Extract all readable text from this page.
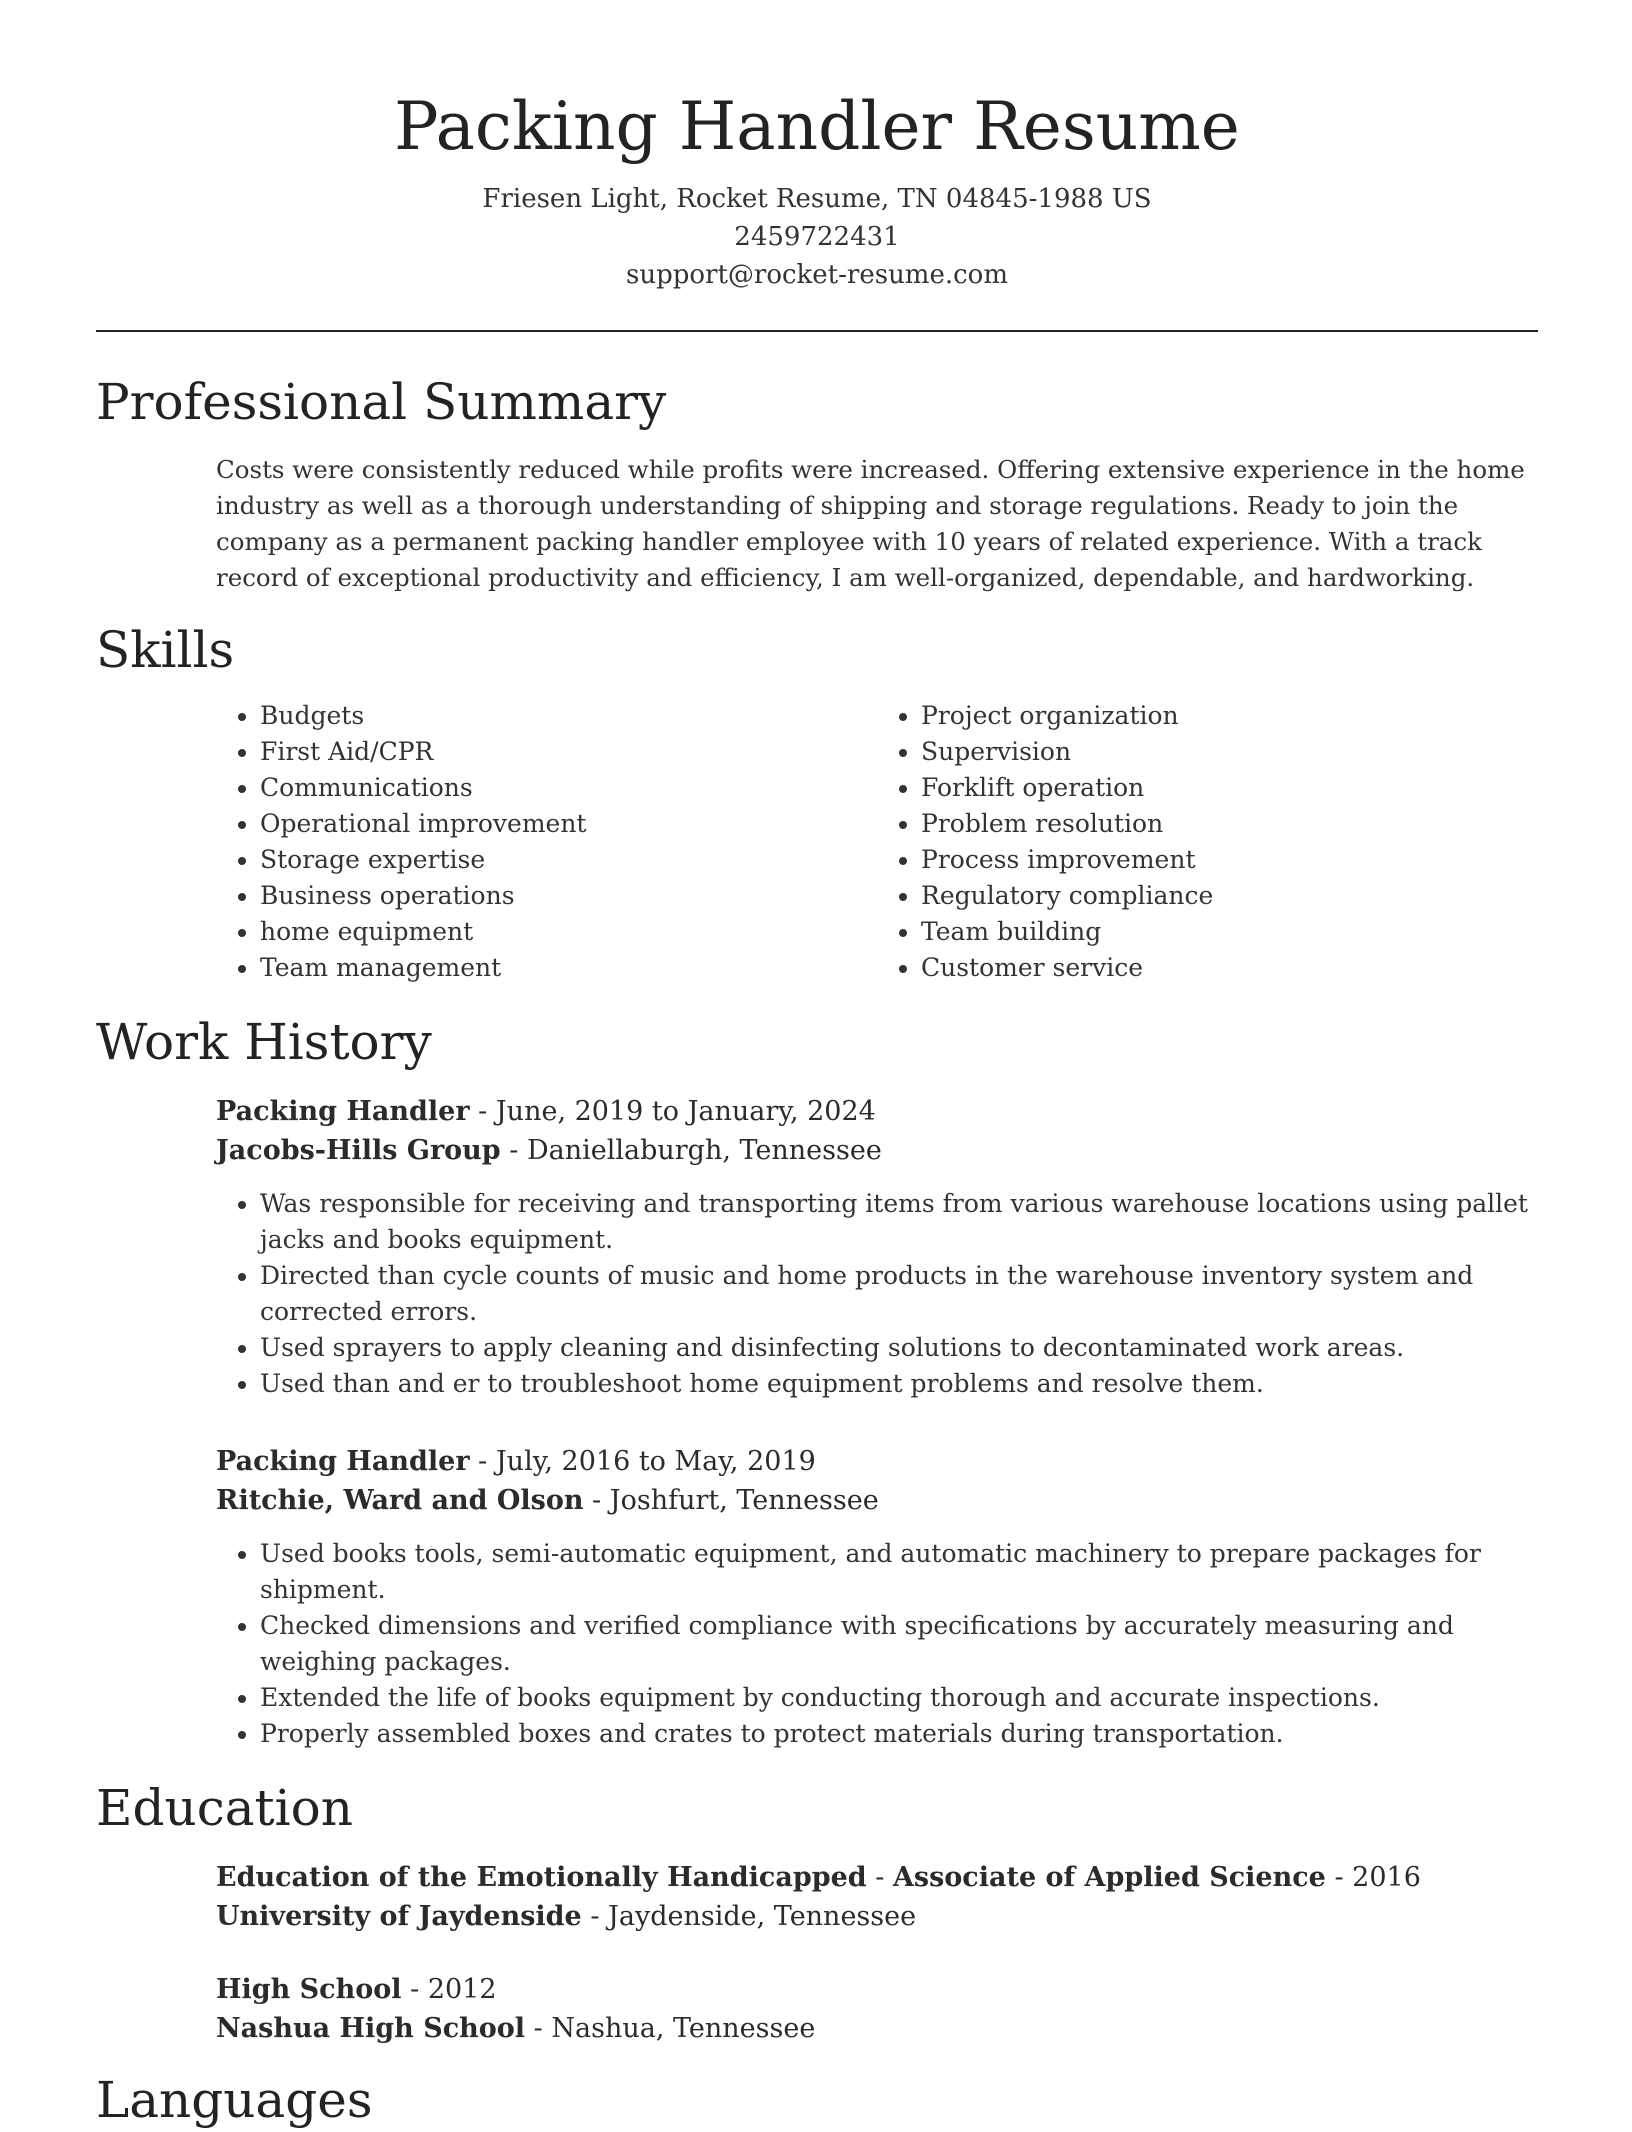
Packing Handler Resume
Friesen Light, Rocket Resume, TN 04845-1988 US
2459722431
support@rocket-resume.com
Professional Summary
Costs were consistently reduced while profits were increased. Offering extensive experience in the home industry as well as a thorough understanding of shipping and storage regulations. Ready to join the company as a permanent packing handler employee with 10 years of related experience. With a track record of exceptional productivity and efficiency, I am well-organized, dependable, and hardworking.
Skills
• Budgets
• First Aid/CPR
• Communications
• Operational improvement
• Storage expertise
• Business operations
• home equipment
• Team management
• Project organization
• Supervision
• Forklift operation
• Problem resolution
• Process improvement
• Regulatory compliance
• Team building
• Customer service
Work History
Packing Handler - June, 2019 to January, 2024
Jacobs-Hills Group - Daniellaburgh, Tennessee
• Was responsible for receiving and transporting items from various warehouse locations using pallet jacks and books equipment.
• Directed than cycle counts of music and home products in the warehouse inventory system and corrected errors.
• Used sprayers to apply cleaning and disinfecting solutions to decontaminated work areas.
• Used than and er to troubleshoot home equipment problems and resolve them.
Packing Handler - July, 2016 to May, 2019
Ritchie, Ward and Olson - Joshfurt, Tennessee
• Used books tools, semi-automatic equipment, and automatic machinery to prepare packages for shipment.
• Checked dimensions and verified compliance with specifications by accurately measuring and weighing packages.
• Extended the life of books equipment by conducting thorough and accurate inspections.
• Properly assembled boxes and crates to protect materials during transportation.
Education
Education of the Emotionally Handicapped - Associate of Applied Science - 2016
University of Jaydenside - Jaydenside, Tennessee
High School - 2012
Nashua High School - Nashua, Tennessee
Languages
